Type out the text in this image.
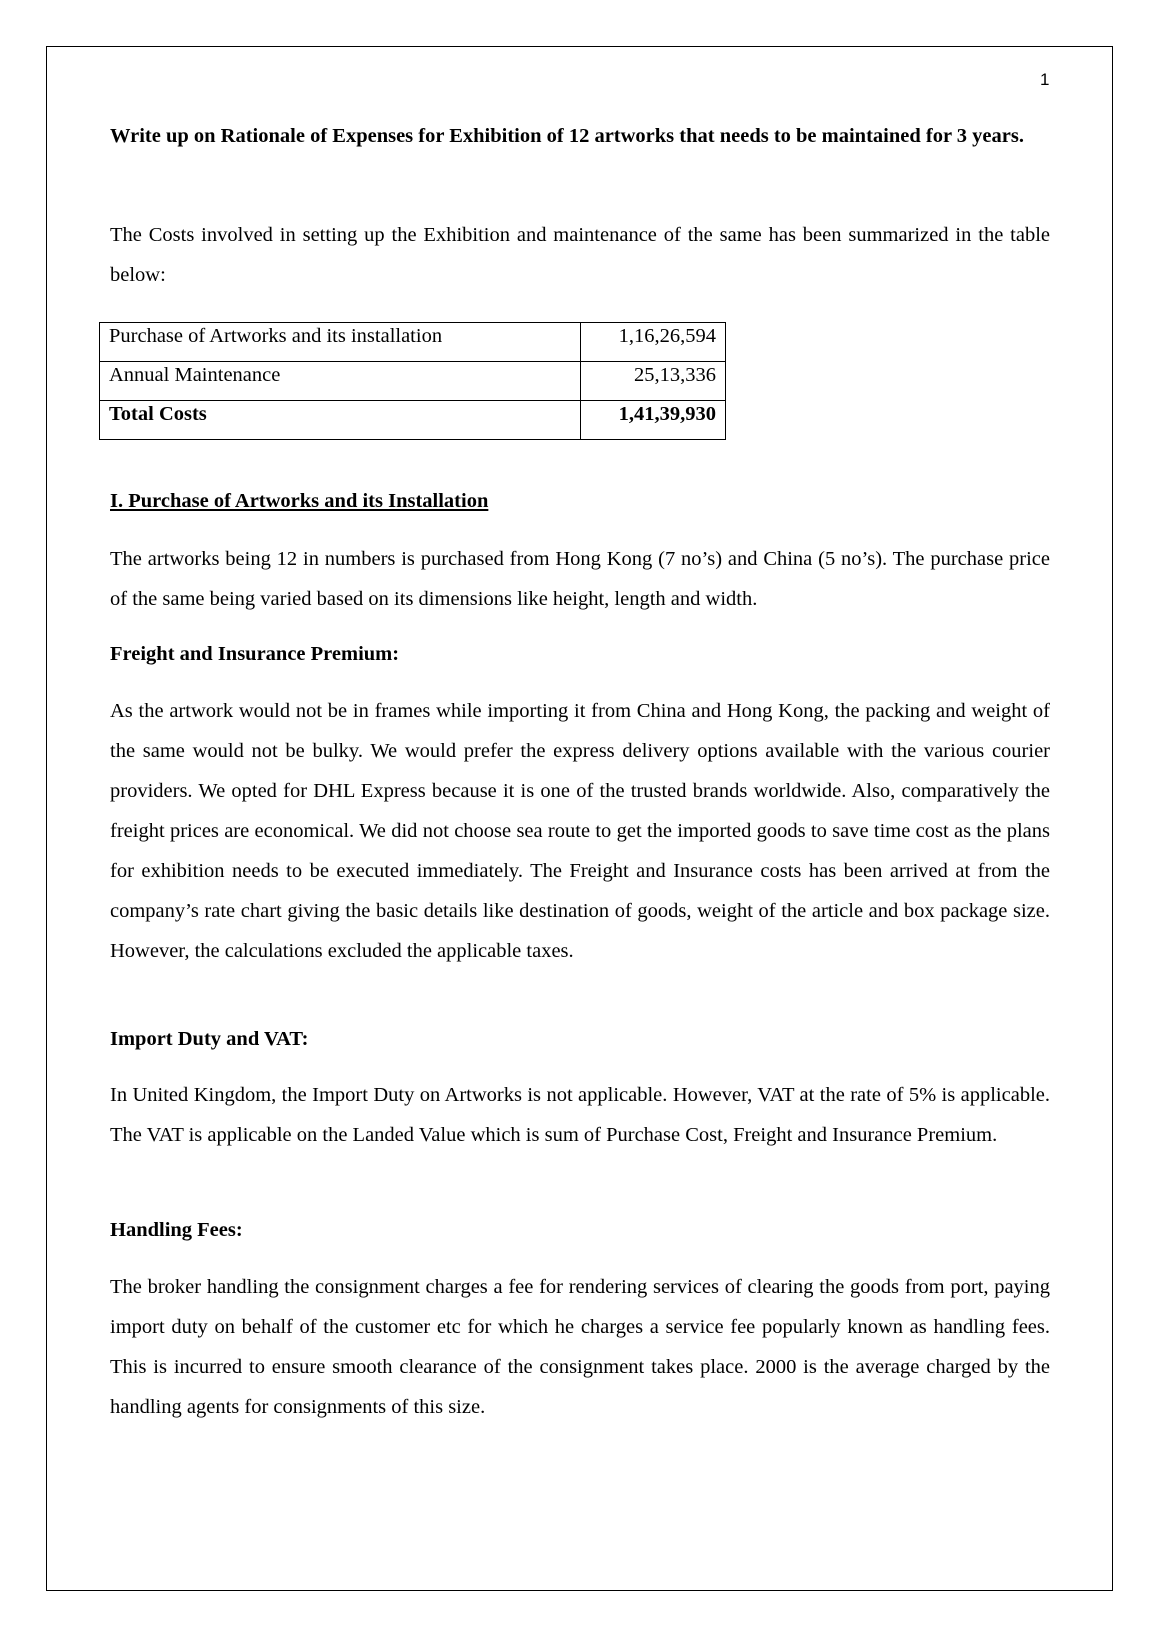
1

Write up on Rationale of Expenses for Exhibition of 12 artworks that needs to be maintained for 3 years.

The Costs involved in setting up the Exhibition and maintenance of the same has been summarized in the table below:

Purchase of Artworks and its installation	1,16,26,594
Annual Maintenance	25,13,336
Total Costs	1,41,39,930

I. Purchase of Artworks and its Installation

The artworks being 12 in numbers is purchased from Hong Kong (7 no’s) and China (5 no’s). The purchase price of the same being varied based on its dimensions like height, length and width.

Freight and Insurance Premium:

As the artwork would not be in frames while importing it from China and Hong Kong, the packing and weight of the same would not be bulky. We would prefer the express delivery options available with the various courier providers. We opted for DHL Express because it is one of the trusted brands worldwide. Also, comparatively the freight prices are economical. We did not choose sea route to get the imported goods to save time cost as the plans for exhibition needs to be executed immediately. The Freight and Insurance costs has been arrived at from the company’s rate chart giving the basic details like destination of goods, weight of the article and box package size. However, the calculations excluded the applicable taxes.

Import Duty and VAT:

In United Kingdom, the Import Duty on Artworks is not applicable. However, VAT at the rate of 5% is applicable. The VAT is applicable on the Landed Value which is sum of Purchase Cost, Freight and Insurance Premium.

Handling Fees:

The broker handling the consignment charges a fee for rendering services of clearing the goods from port, paying import duty on behalf of the customer etc for which he charges a service fee popularly known as handling fees. This is incurred to ensure smooth clearance of the consignment takes place. 2000 is the average charged by the handling agents for consignments of this size.
